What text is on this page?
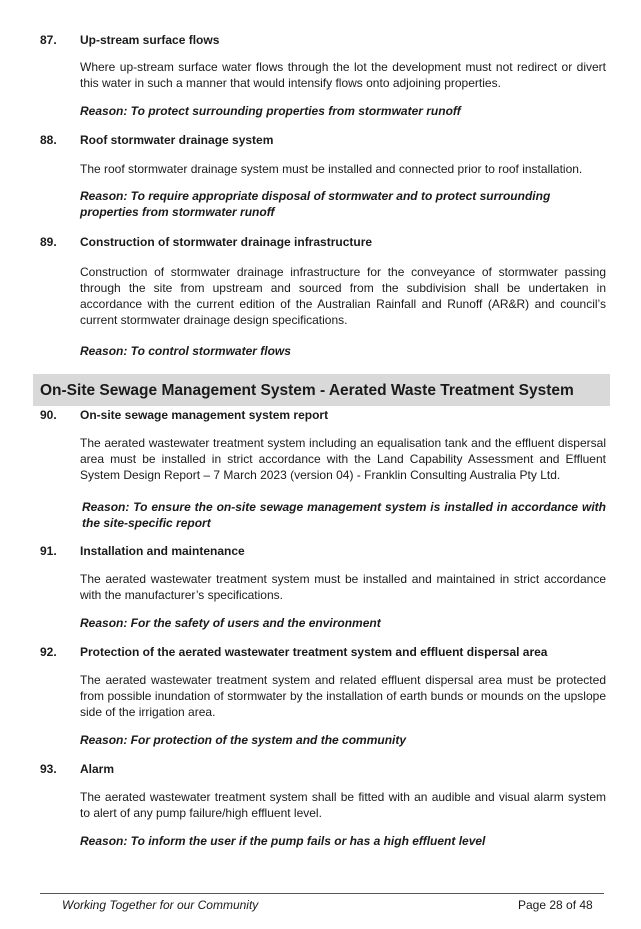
87. Up-stream surface flows

Where up-stream surface water flows through the lot the development must not redirect or divert this water in such a manner that would intensify flows onto adjoining properties.

Reason: To protect surrounding properties from stormwater runoff

88. Roof stormwater drainage system

The roof stormwater drainage system must be installed and connected prior to roof installation.

Reason: To require appropriate disposal of stormwater and to protect surrounding properties from stormwater runoff

89. Construction of stormwater drainage infrastructure

Construction of stormwater drainage infrastructure for the conveyance of stormwater passing through the site from upstream and sourced from the subdivision shall be undertaken in accordance with the current edition of the Australian Rainfall and Runoff (AR&R) and council’s current stormwater drainage design specifications.

Reason: To control stormwater flows

On-Site Sewage Management System - Aerated Waste Treatment System
90. On-site sewage management system report

The aerated wastewater treatment system including an equalisation tank and the effluent dispersal area must be installed in strict accordance with the Land Capability Assessment and Effluent System Design Report – 7 March 2023 (version 04) - Franklin Consulting Australia Pty Ltd.

Reason: To ensure the on-site sewage management system is installed in accordance with the site-specific report

91. Installation and maintenance

The aerated wastewater treatment system must be installed and maintained in strict accordance with the manufacturer’s specifications.

Reason: For the safety of users and the environment

92. Protection of the aerated wastewater treatment system and effluent dispersal area

The aerated wastewater treatment system and related effluent dispersal area must be protected from possible inundation of stormwater by the installation of earth bunds or mounds on the upslope side of the irrigation area.

Reason: For protection of the system and the community

93. Alarm

The aerated wastewater treatment system shall be fitted with an audible and visual alarm system to alert of any pump failure/high effluent level.

Reason: To inform the user if the pump fails or has a high effluent level

Working Together for our Community	Page 28 of 48
